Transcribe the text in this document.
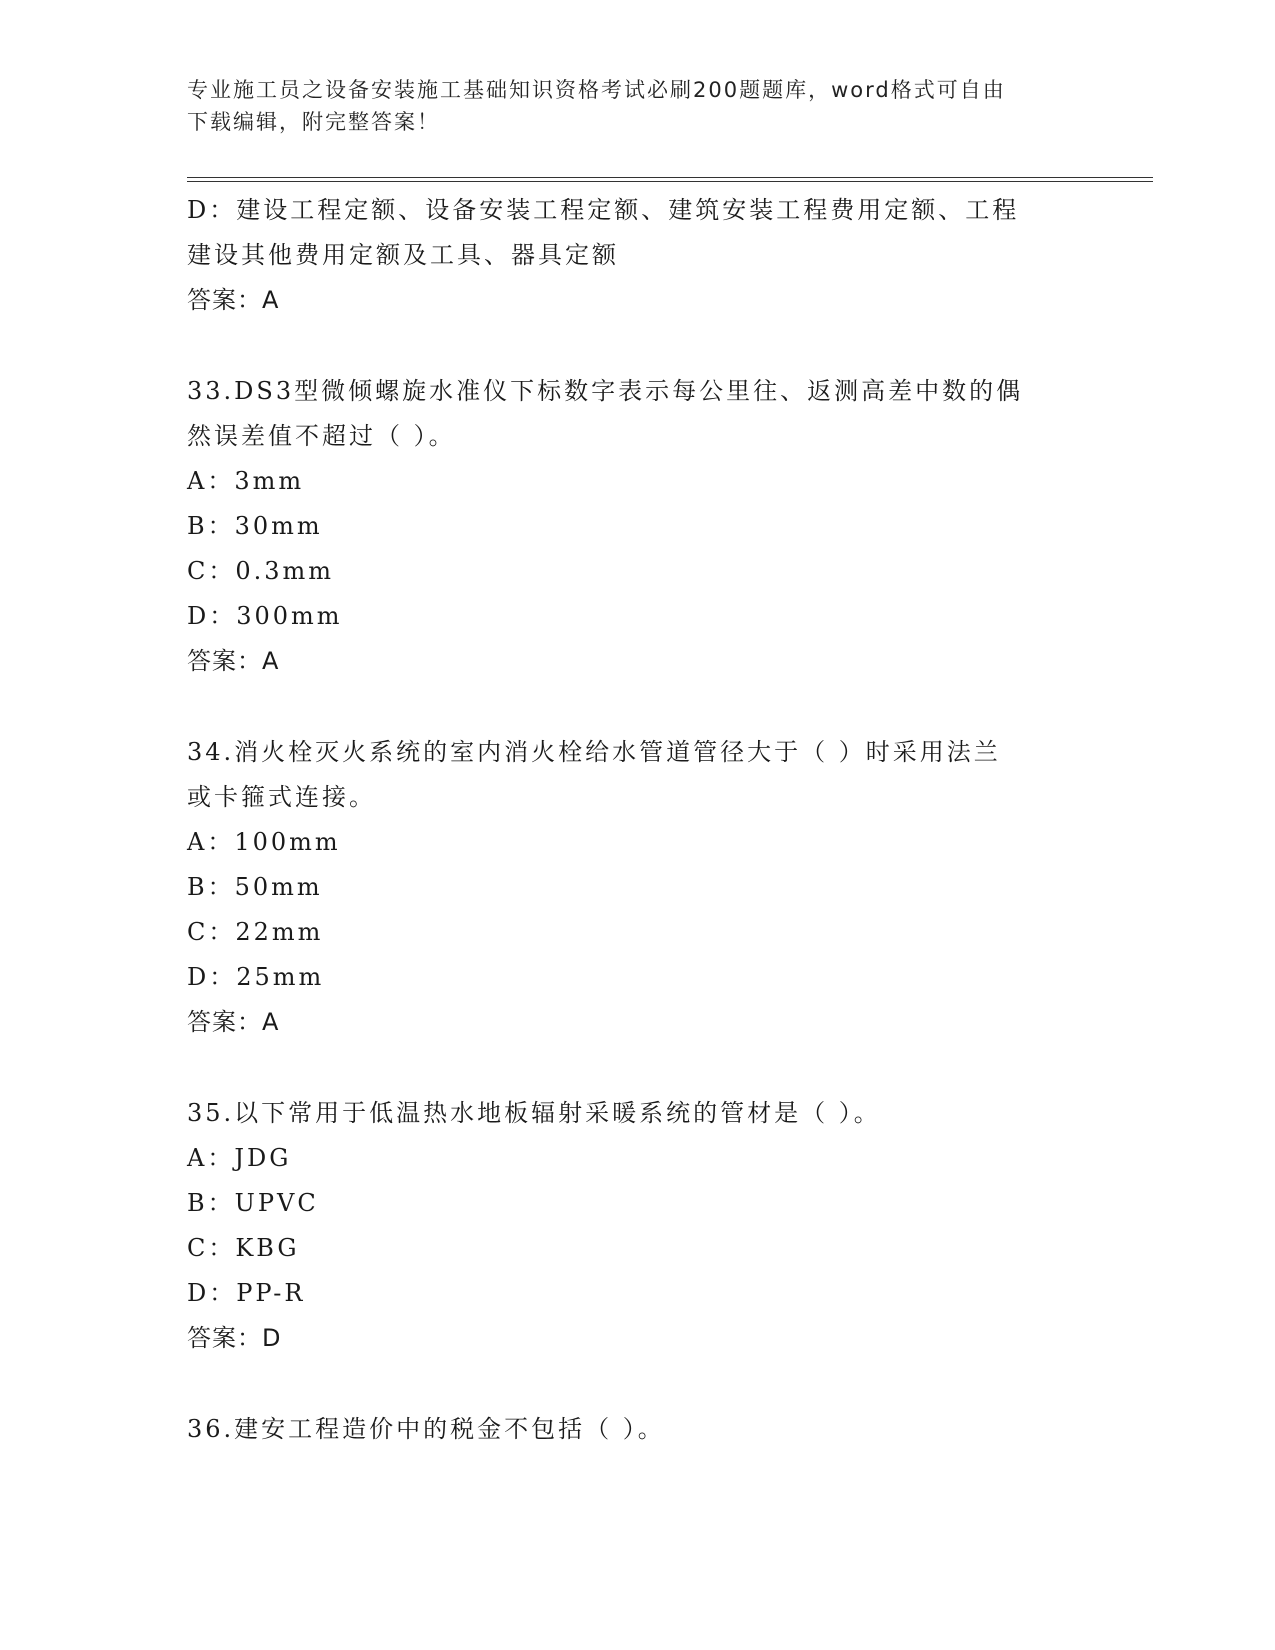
专业施工员之设备安装施工基础知识资格考试必刷200题题库，word格式可自由
下载编辑，附完整答案！
D：建设工程定额、设备安装工程定额、建筑安装工程费用定额、工程
建设其他费用定额及工具、器具定额
答案：A
33.DS3型微倾螺旋水准仪下标数字表示每公里往、返测高差中数的偶
然误差值不超过（ ）。
A：3mm
B：30mm
C：0.3mm
D：300mm
答案：A
34.消火栓灭火系统的室内消火栓给水管道管径大于（ ）时采用法兰
或卡箍式连接。
A：100mm
B：50mm
C：22mm
D：25mm
答案：A
35.以下常用于低温热水地板辐射采暖系统的管材是（ ）。
A：JDG
B：UPVC
C：KBG
D：PP-R
答案：D
36.建安工程造价中的税金不包括（ ）。
